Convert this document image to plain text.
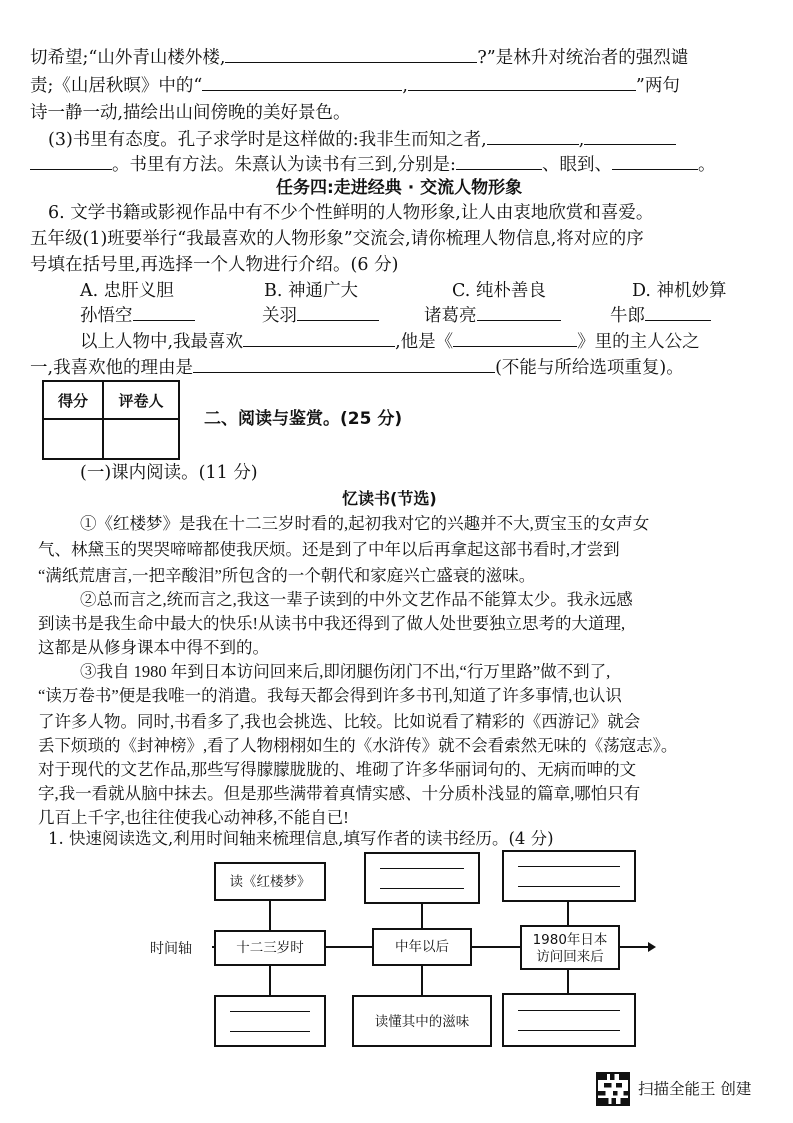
切希望;“山外青山楼外楼,	?”是林升对统治者的强烈谴
责;《山居秋暝》中的“	,	”两句
诗一静一动,描绘出山间傍晚的美好景色。
(3)书里有态度。孔子求学时是这样做的:我非生而知之者,	,
。书里有方法。朱熹认为读书有三到,分别是:	、眼到、	。
任务四:走进经典 · 交流人物形象
6. 文学书籍或影视作品中有不少个性鲜明的人物形象,让人由衷地欣赏和喜爱。
五年级(1)班要举行“我最喜欢的人物形象”交流会,请你梳理人物信息,将对应的序
号填在括号里,再选择一个人物进行介绍。(6 分)
A. 忠肝义胆	B. 神通广大	C. 纯朴善良	D. 神机妙算
孙悟空	关羽	诸葛亮	牛郎
以上人物中,我最喜欢	,他是《	》里的主人公之
一,我喜欢他的理由是	(不能与所给选项重复)。
得分	评卷人

二、阅读与鉴赏。(25 分)
(一)课内阅读。(11 分)
忆读书(节选)
①《红楼梦》是我在十二三岁时看的,起初我对它的兴趣并不大,贾宝玉的女声女
气、林黛玉的哭哭啼啼都使我厌烦。还是到了中年以后再拿起这部书看时,才尝到
“满纸荒唐言,一把辛酸泪”所包含的一个朝代和家庭兴亡盛衰的滋味。
②总而言之,统而言之,我这一辈子读到的中外文艺作品不能算太少。我永远感
到读书是我生命中最大的快乐!从读书中我还得到了做人处世要独立思考的大道理,
这都是从修身课本中得不到的。
③我自 1980 年到日本访问回来后,即闭腿伤闭门不出,“行万里路”做不到了,
“读万卷书”便是我唯一的消遣。我每天都会得到许多书刊,知道了许多事情,也认识
了许多人物。同时,书看多了,我也会挑选、比较。比如说看了精彩的《西游记》就会
丢下烦琐的《封神榜》,看了人物栩栩如生的《水浒传》就不会看索然无味的《荡寇志》。
对于现代的文艺作品,那些写得朦朦胧胧的、堆砌了许多华丽词句的、无病而呻的文
字,我一看就从脑中抹去。但是那些满带着真情实感、十分质朴浅显的篇章,哪怕只有
几百上千字,也往往使我心动神移,不能自已!
1. 快速阅读选文,利用时间轴来梳理信息,填写作者的读书经历。(4 分)
时间轴
读《红楼梦》
十二三岁时	中年以后
读懂其中的滋味
1980年日本访问回来后
扫描全能王 创建
